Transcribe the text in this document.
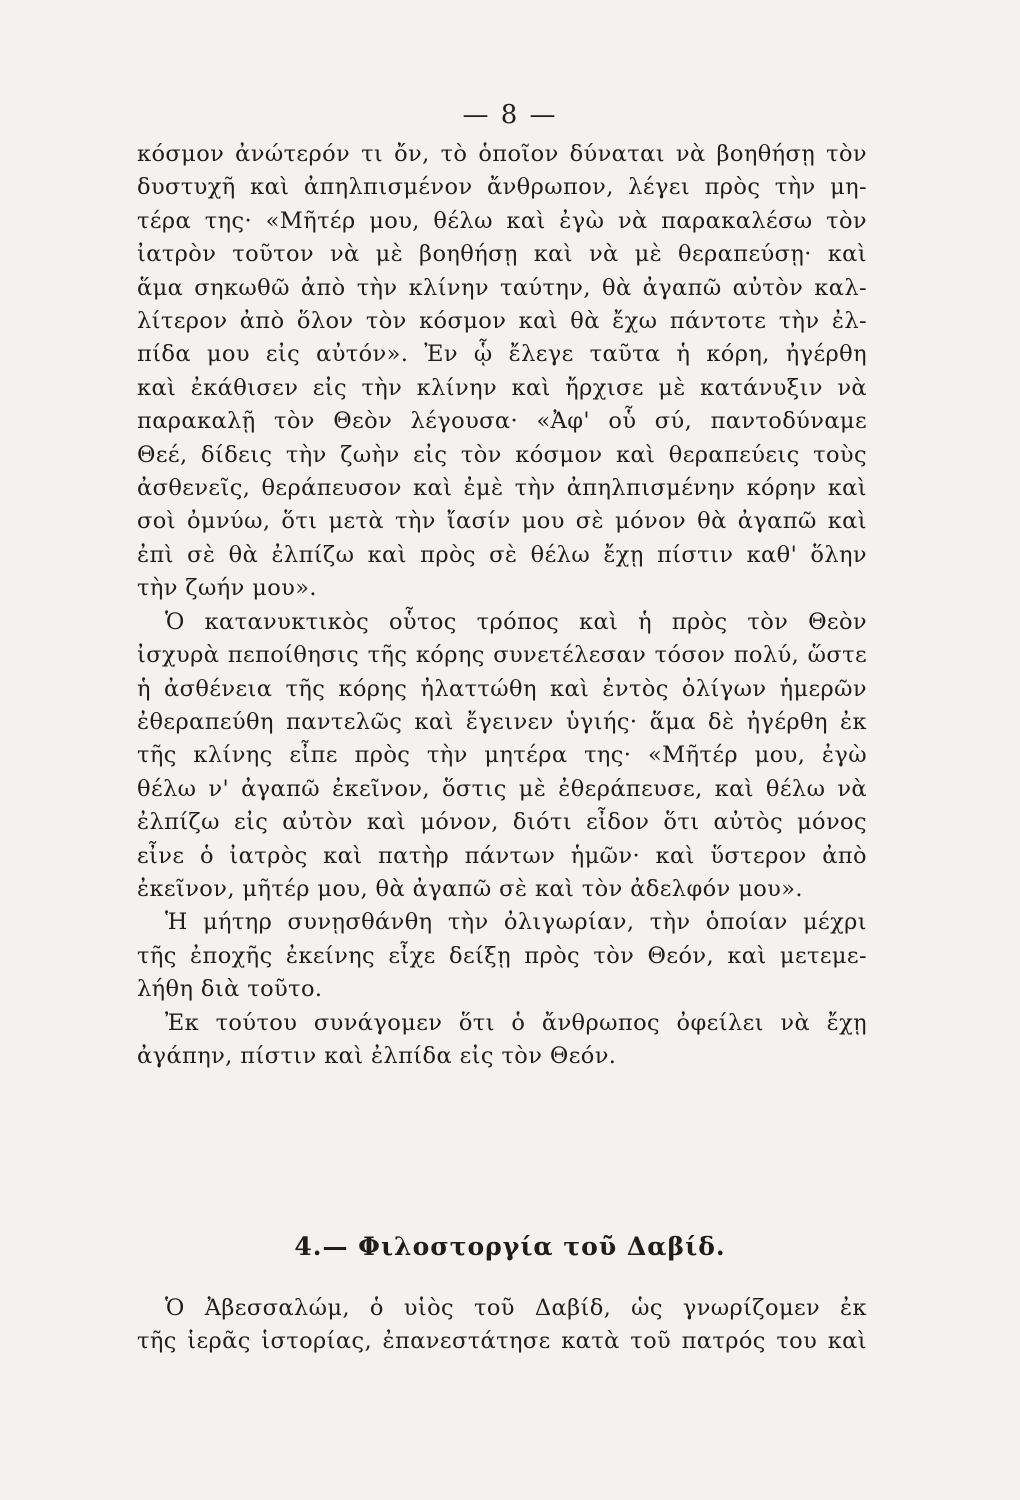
— 8 —

κόσμον ἀνώτερόν τι ὄν, τὸ ὁποῖον δύναται νὰ βοηθήσῃ τὸν
δυστυχῆ καὶ ἀπηλπισμένον ἄνθρωπον, λέγει πρὸς τὴν μη-
τέρα της· «Μῆτέρ μου, θέλω καὶ ἐγὼ νὰ παρακαλέσω τὸν
ἰατρὸν τοῦτον νὰ μὲ βοηθήσῃ καὶ νὰ μὲ θεραπεύσῃ· καὶ
ἅμα σηκωθῶ ἀπὸ τὴν κλίνην ταύτην, θὰ ἀγαπῶ αὐτὸν καλ-
λίτερον ἀπὸ ὅλον τὸν κόσμον καὶ θὰ ἔχω πάντοτε τὴν ἐλ-
πίδα μου εἰς αὐτόν». Ἐν ᾧ ἔλεγε ταῦτα ἡ κόρη, ἠγέρθη
καὶ ἐκάθισεν εἰς τὴν κλίνην καὶ ἤρχισε μὲ κατάνυξιν νὰ
παρακαλῇ τὸν Θεὸν λέγουσα· «Ἀφ' οὗ σύ, παντοδύναμε
Θεέ, δίδεις τὴν ζωὴν εἰς τὸν κόσμον καὶ θεραπεύεις τοὺς
ἀσθενεῖς, θεράπευσον καὶ ἐμὲ τὴν ἀπηλπισμένην κόρην καὶ
σοὶ ὀμνύω, ὅτι μετὰ τὴν ἴασίν μου σὲ μόνον θὰ ἀγαπῶ καὶ
ἐπὶ σὲ θὰ ἐλπίζω καὶ πρὸς σὲ θέλω ἔχῃ πίστιν καθ' ὅλην
τὴν ζωήν μου».

Ὁ κατανυκτικὸς οὗτος τρόπος καὶ ἡ πρὸς τὸν Θεὸν
ἰσχυρὰ πεποίθησις τῆς κόρης συνετέλεσαν τόσον πολύ, ὥστε
ἡ ἀσθένεια τῆς κόρης ἠλαττώθη καὶ ἐντὸς ὀλίγων ἡμερῶν
ἐθεραπεύθη παντελῶς καὶ ἔγεινεν ὑγιής· ἅμα δὲ ἠγέρθη ἐκ
τῆς κλίνης εἶπε πρὸς τὴν μητέρα της· «Μῆτέρ μου, ἐγὼ
θέλω ν' ἀγαπῶ ἐκεῖνον, ὅστις μὲ ἐθεράπευσε, καὶ θέλω νὰ
ἐλπίζω εἰς αὐτὸν καὶ μόνον, διότι εἶδον ὅτι αὐτὸς μόνος
εἶνε ὁ ἰατρὸς καὶ πατὴρ πάντων ἡμῶν· καὶ ὕστερον ἀπὸ
ἐκεῖνον, μῆτέρ μου, θὰ ἀγαπῶ σὲ καὶ τὸν ἀδελφόν μου».

Ἡ μήτηρ συνῃσθάνθη τὴν ὀλιγωρίαν, τὴν ὁποίαν μέχρι
τῆς ἐποχῆς ἐκείνης εἶχε δείξῃ πρὸς τὸν Θεόν, καὶ μετεμε-
λήθη διὰ τοῦτο.

Ἐκ τούτου συνάγομεν ὅτι ὁ ἄνθρωπος ὀφείλει νὰ ἔχῃ
ἀγάπην, πίστιν καὶ ἐλπίδα εἰς τὸν Θεόν.

4.— Φιλοστοργία τοῦ Δαβίδ.

Ὁ Ἀβεσσαλώμ, ὁ υἱὸς τοῦ Δαβίδ, ὡς γνωρίζομεν ἐκ
τῆς ἱερᾶς ἱστορίας, ἐπανεστάτησε κατὰ τοῦ πατρός του καὶ
